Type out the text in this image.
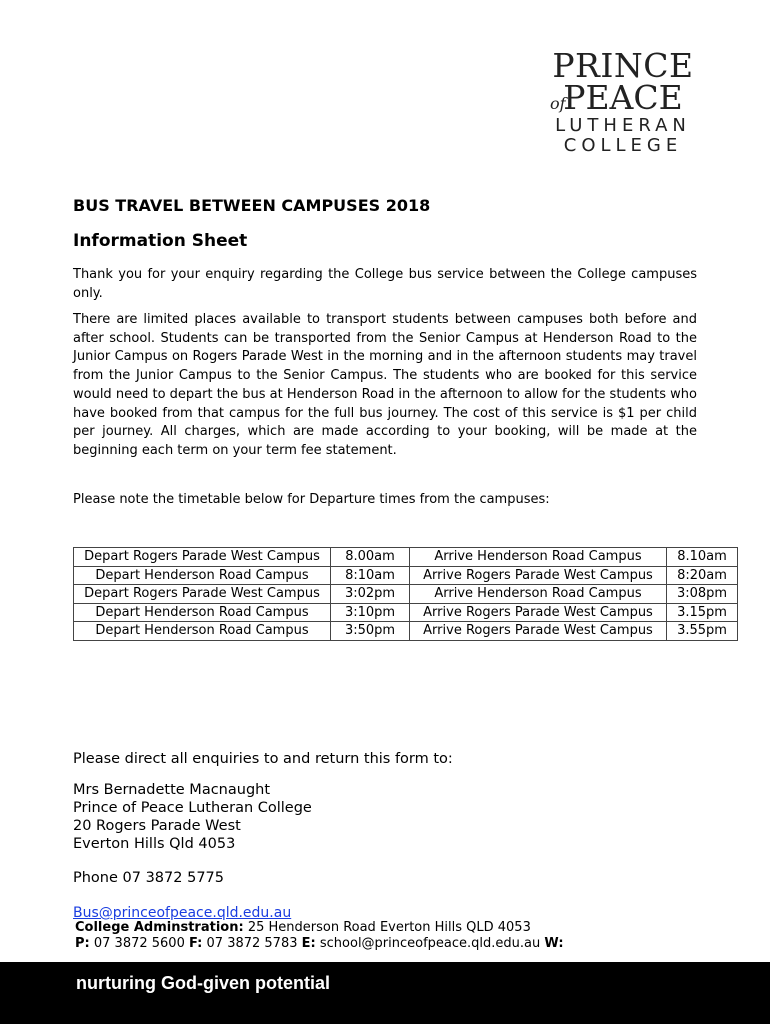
PRINCE
of
PEACE
LUTHERAN
COLLEGE
BUS TRAVEL BETWEEN CAMPUSES 2018
Information Sheet

Thank you for your enquiry regarding the College bus service between the College campuses only.

There are limited places available to transport students between campuses both before and after school. Students can be transported from the Senior Campus at Henderson Road to the Junior Campus on Rogers Parade West in the morning and in the afternoon students may travel from the Junior Campus to the Senior Campus. The students who are booked for this service would need to depart the bus at Henderson Road in the afternoon to allow for the students who have booked from that campus for the full bus journey. The cost of this service is $1 per child per journey. All charges, which are made according to your booking, will be made at the beginning each term on your term fee statement.

Please note the timetable below for Departure times from the campuses:

Depart Rogers Parade West Campus	8.00am	Arrive Henderson Road Campus	8.10am
Depart Henderson Road Campus	8:10am	Arrive Rogers Parade West Campus	8:20am
Depart Rogers Parade West Campus	3:02pm	Arrive Henderson Road Campus	3:08pm
Depart Henderson Road Campus	3:10pm	Arrive Rogers Parade West Campus	3.15pm
Depart Henderson Road Campus	3:50pm	Arrive Rogers Parade West Campus	3.55pm
Please direct all enquiries to and return this form to:
Mrs Bernadette Macnaught
Prince of Peace Lutheran College
20 Rogers Parade West
Everton Hills Qld 4053
Phone 07 3872 5775
Bus@princeofpeace.qld.edu.au
College Adminstration: 25 Henderson Road Everton Hills QLD 4053
P: 07 3872 5600 F: 07 3872 5783 E: school@princeofpeace.qld.edu.au W:
nurturing God-given potential
